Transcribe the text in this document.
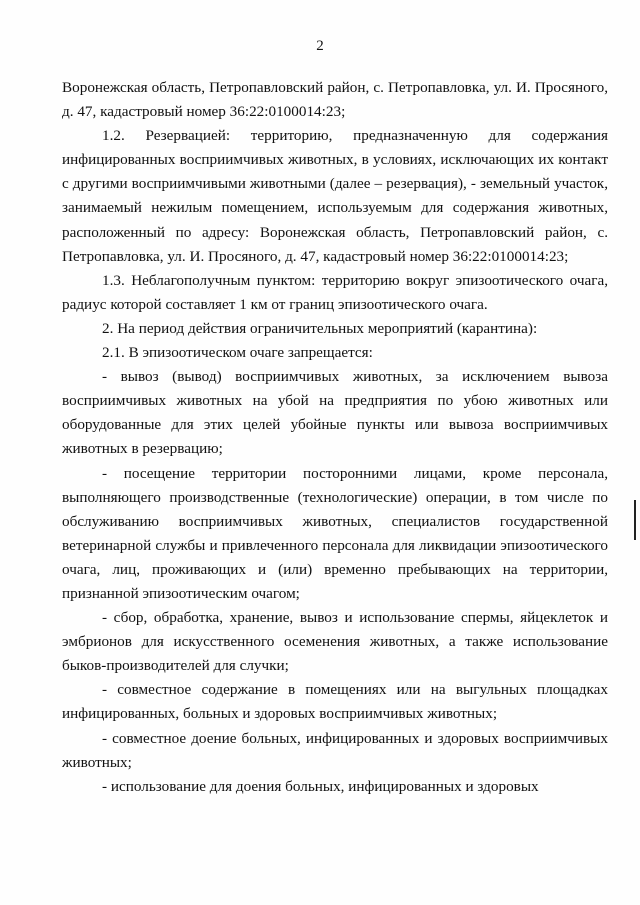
2

Воронежская область, Петропавловский район, с. Петропавловка, ул. И. Просяного, д. 47, кадастровый номер 36:22:0100014:23;

1.2. Резервацией: территорию, предназначенную для содержания инфицированных восприимчивых животных, в условиях, исключающих их контакт с другими восприимчивыми животными (далее – резервация), - земельный участок, занимаемый нежилым помещением, используемым для содержания животных, расположенный по адресу: Воронежская область, Петропавловский район, с. Петропавловка, ул. И. Просяного, д. 47, кадастровый номер 36:22:0100014:23;

1.3. Неблагополучным пунктом: территорию вокруг эпизоотического очага, радиус которой составляет 1 км от границ эпизоотического очага.

2. На период действия ограничительных мероприятий (карантина):

2.1. В эпизоотическом очаге запрещается:

- вывоз (вывод) восприимчивых животных, за исключением вывоза восприимчивых животных на убой на предприятия по убою животных или оборудованные для этих целей убойные пункты или вывоза восприимчивых животных в резервацию;

- посещение территории посторонними лицами, кроме персонала, выполняющего производственные (технологические) операции, в том числе по обслуживанию восприимчивых животных, специалистов государственной ветеринарной службы и привлеченного персонала для ликвидации эпизоотического очага, лиц, проживающих и (или) временно пребывающих на территории, признанной эпизоотическим очагом;

- сбор, обработка, хранение, вывоз и использование спермы, яйцеклеток и эмбрионов для искусственного осеменения животных, а также использование быков-производителей для случки;

- совместное содержание в помещениях или на выгульных площадках инфицированных, больных и здоровых восприимчивых животных;

- совместное доение больных, инфицированных и здоровых восприимчивых животных;

- использование для доения больных, инфицированных и здоровых
